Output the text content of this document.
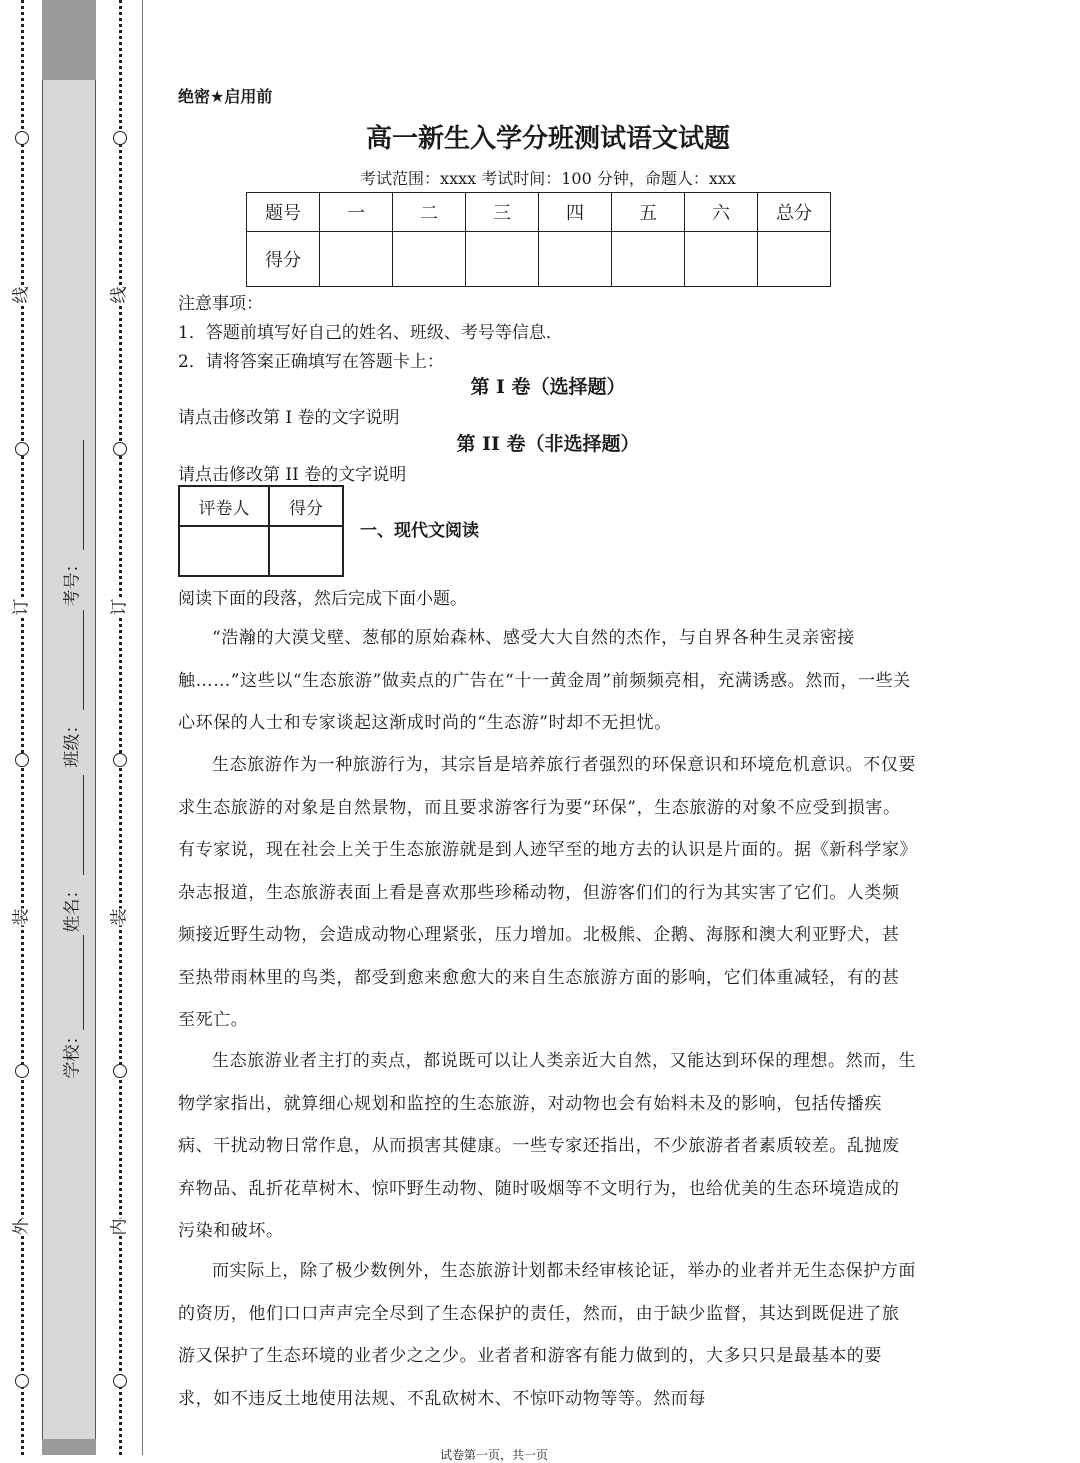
线
订
装
外
线
订
装
内
考号：
班级：
姓名：
学校：
绝密★启用前
高一新生入学分班测试语文试题
考试范围：xxxx 考试时间：100 分钟，命题人：xxx
题号	一	二	三	四	五	六	总分
得分							
注意事项：
1．答题前填写好自己的姓名、班级、考号等信息．
2．请将答案正确填写在答题卡上：
第 I 卷（选择题）
请点击修改第 I 卷的文字说明
第 II 卷（非选择题）
请点击修改第 II 卷的文字说明
评卷人	得分

一、现代文阅读
阅读下面的段落，然后完成下面小题。
“浩瀚的大漠戈壁、葱郁的原始森林、感受大大自然的杰作，与自界各种生灵亲密接触……”这些以“生态旅游”做卖点的广告在“十一黄金周”前频频亮相，充满诱惑。然而，一些关心环保的人士和专家谈起这渐成时尚的“生态游”时却不无担忧。
生态旅游作为一种旅游行为，其宗旨是培养旅行者强烈的环保意识和环境危机意识。不仅要求生态旅游的对象是自然景物，而且要求游客行为要“环保”，生态旅游的对象不应受到损害。有专家说，现在社会上关于生态旅游就是到人迹罕至的地方去的认识是片面的。据《新科学家》杂志报道，生态旅游表面上看是喜欢那些珍稀动物，但游客们们的行为其实害了它们。人类频频接近野生动物，会造成动物心理紧张，压力增加。北极熊、企鹅、海豚和澳大利亚野犬，甚至热带雨林里的鸟类，都受到愈来愈愈大的来自生态旅游方面的影响，它们体重减轻，有的甚至死亡。
生态旅游业者主打的卖点，都说既可以让人类亲近大自然，又能达到环保的理想。然而，生物学家指出，就算细心规划和监控的生态旅游，对动物也会有始料未及的影响，包括传播疾病、干扰动物日常作息，从而损害其健康。一些专家还指出，不少旅游者者素质较差。乱抛废弃物品、乱折花草树木、惊吓野生动物、随时吸烟等不文明行为，也给优美的生态环境造成的污染和破坏。
而实际上，除了极少数例外，生态旅游计划都未经审核论证，举办的业者并无生态保护方面的资历，他们口口声声完全尽到了生态保护的责任，然而，由于缺少监督，其达到既促进了旅游又保护了生态环境的业者少之之少。业者者和游客有能力做到的，大多只只是最基本的要求，如不违反土地使用法规、不乱砍树木、不惊吓动物等等。然而每
试卷第一页，共一页
